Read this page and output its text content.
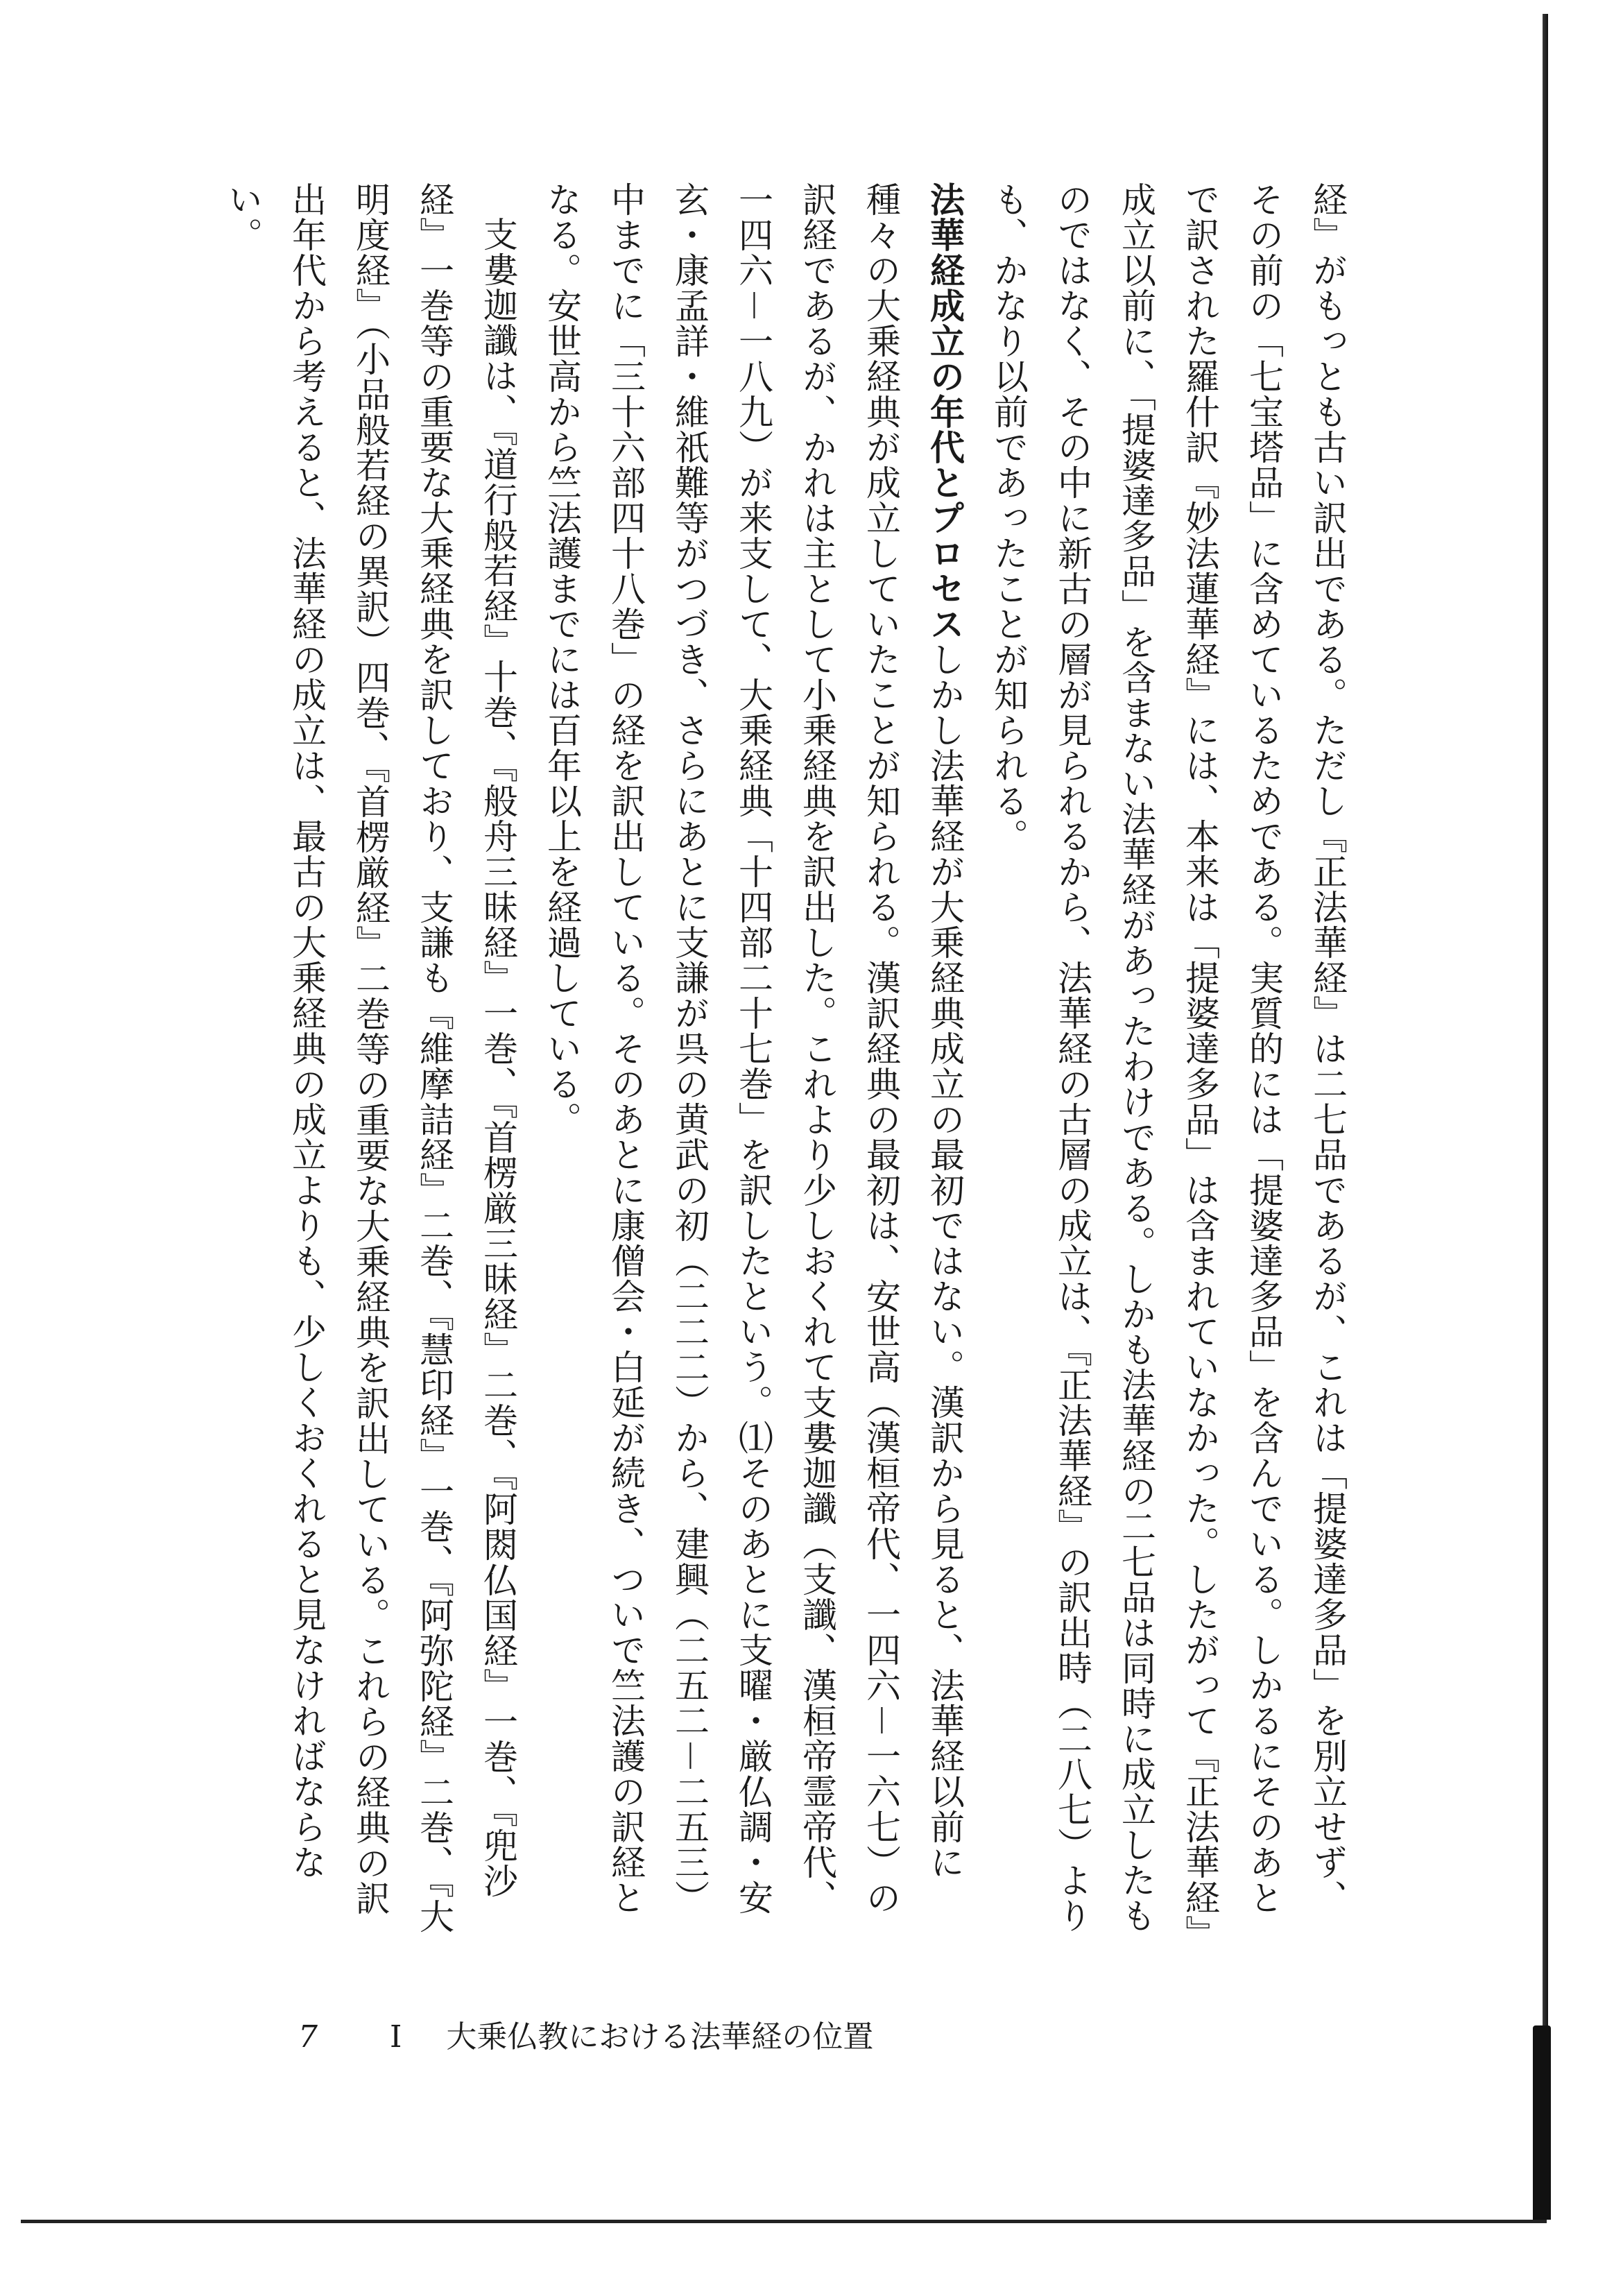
経』がもっとも古い訳出である。ただし『正法華経』は二七品であるが、これは「提婆達多品」を別立せず、その前の「七宝塔品」に含めているためである。実質的には「提婆達多品」を含んでいる。しかるにそのあとで訳された羅什訳『妙法蓮華経』には、本来は「提婆達多品」は含まれていなかった。したがって『正法華経』成立以前に、「提婆達多品」を含まない法華経があったわけである。しかも法華経の二七品は同時に成立したものではなく、その中に新古の層が見られるから、法華経の古層の成立は、『正法華経』の訳出時（二八七）よりも、かなり以前であったことが知られる。

法華経成立の年代とプロセスしかし法華経が大乗経典成立の最初ではない。漢訳から見ると、法華経以前に種々の大乗経典が成立していたことが知られる。漢訳経典の最初は、安世高（漢桓帝代、一四六－一六七）の訳経であるが、かれは主として小乗経典を訳出した。これより少しおくれて支婁迦讖（支讖、漢桓帝霊帝代、一四六－一八九）が来支して、大乗経典「十四部二十七巻」を訳したという。⑴そのあとに支曜・厳仏調・安玄・康孟詳・維祇難等がつづき、さらにあとに支謙が呉の黄武の初（二二二）から、建興（二五二－二五三）中までに「三十六部四十八巻」の経を訳出している。そのあとに康僧会・白延が続き、ついで竺法護の訳経となる。安世高から竺法護までには百年以上を経過している。

支婁迦讖は、『道行般若経』十巻、『般舟三昧経』一巻、『首楞厳三昧経』二巻、『阿閦仏国経』一巻、『兜沙経』一巻等の重要な大乗経典を訳しており、支謙も『維摩詰経』二巻、『慧印経』一巻、『阿弥陀経』二巻、『大明度経』（小品般若経の異訳）四巻、『首楞厳経』二巻等の重要な大乗経典を訳出している。これらの経典の訳出年代から考えると、法華経の成立は、最古の大乗経典の成立よりも、少しくおくれると見なければならない。

7 I 大乗仏教における法華経の位置
